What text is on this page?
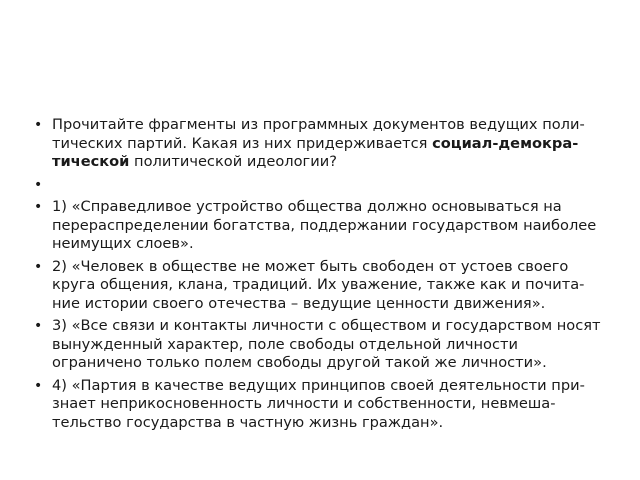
• Прочитайте фрагменты из программных документов ведущих политических партий. Какая из них придерживается социал-демократической политической идеологии?
•
• 1) «Справедливое устройство общества должно основываться на перераспределении богатства, поддержании государством наиболее неимущих слоев».
• 2) «Человек в обществе не может быть свободен от устоев своего круга общения, клана, традиций. Их уважение, также как и почитание истории своего отечества – ведущие ценности движения».
• 3) «Все связи и контакты личности с обществом и государством носят вынужденный характер, поле свободы отдельной личности ограничено только полем свободы другой такой же личности».
• 4) «Партия в качестве ведущих принципов своей деятельности признает неприкосновенность личности и собственности, невмешательство государства в частную жизнь граждан».
